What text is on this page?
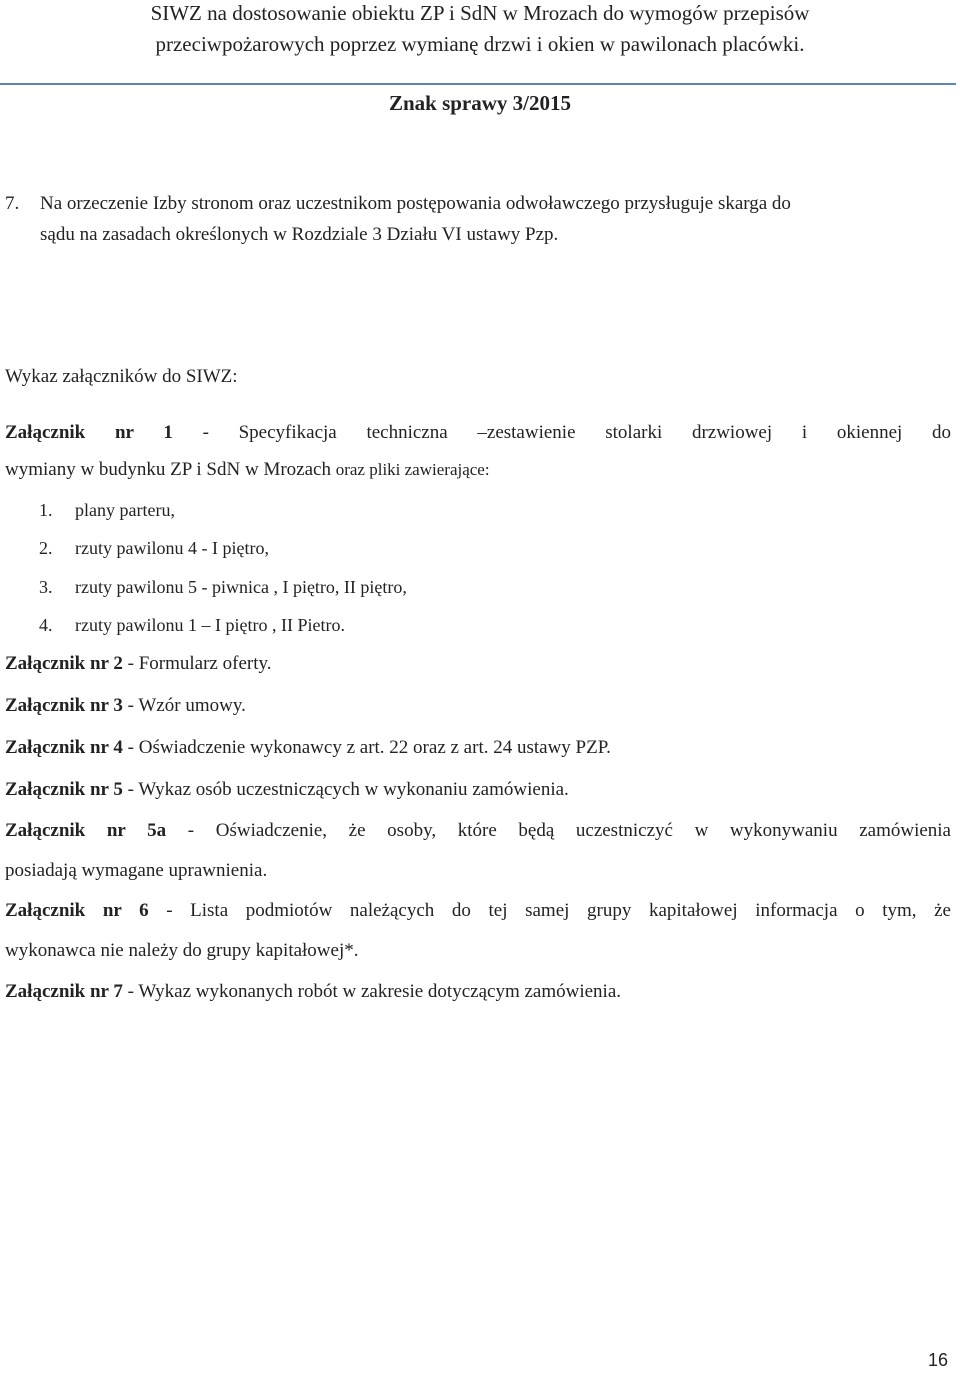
SIWZ na dostosowanie obiektu ZP i SdN w Mrozach do wymogów przepisów
przeciwpożarowych poprzez wymianę drzwi i okien w pawilonach placówki.
Znak sprawy 3/2015
7. Na orzeczenie Izby stronom oraz uczestnikom postępowania odwoławczego przysługuje skarga do
sądu na zasadach określonych w Rozdziale 3 Działu VI ustawy Pzp.
Wykaz załączników do SIWZ:
Załącznik nr 1 - Specyfikacja techniczna –zestawienie stolarki drzwiowej i okiennej do
wymiany w budynku ZP i SdN w Mrozach oraz pliki zawierające:
1. plany parteru,
2. rzuty pawilonu 4 - I piętro,
3. rzuty pawilonu 5 - piwnica , I piętro, II piętro,
4. rzuty pawilonu 1 – I piętro , II Pietro.
Załącznik nr 2 - Formularz oferty.
Załącznik nr 3 - Wzór umowy.
Załącznik nr 4 - Oświadczenie wykonawcy z art. 22 oraz z art. 24 ustawy PZP.
Załącznik nr 5 - Wykaz osób uczestniczących w wykonaniu zamówienia.
Załącznik nr 5a - Oświadczenie, że osoby, które będą uczestniczyć w wykonywaniu zamówienia
posiadają wymagane uprawnienia.
Załącznik nr 6 - Lista podmiotów należących do tej samej grupy kapitałowej informacja o tym, że
wykonawca nie należy do grupy kapitałowej*.
Załącznik nr 7 - Wykaz wykonanych robót w zakresie dotyczącym zamówienia.
16
